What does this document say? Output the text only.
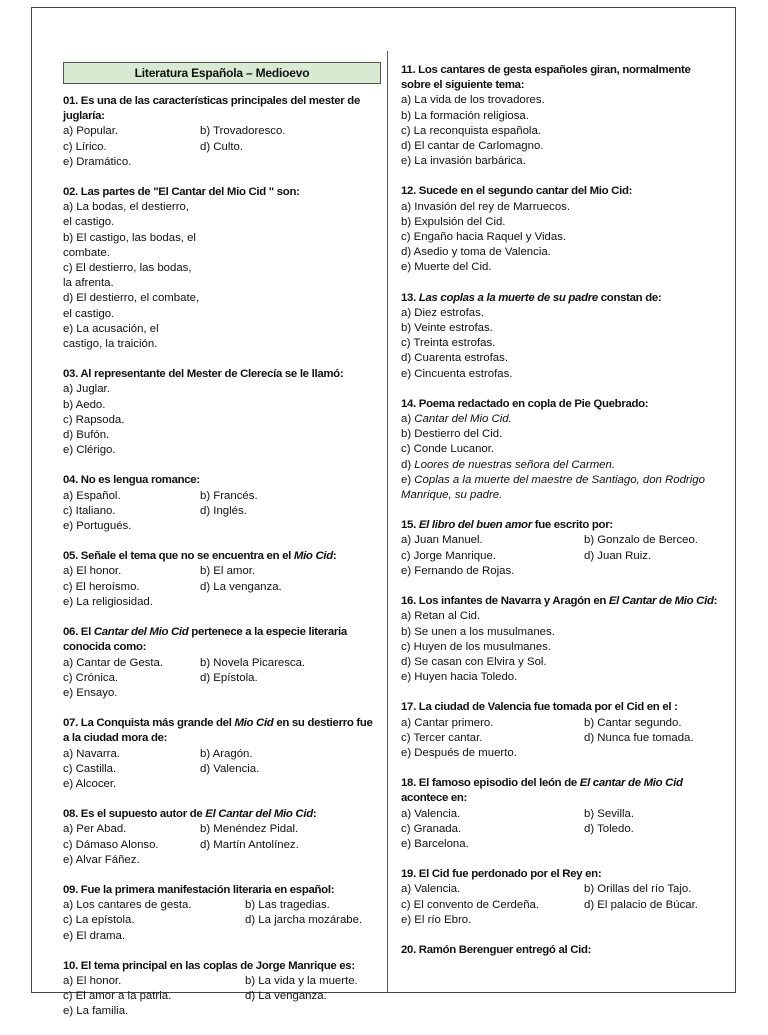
Literatura Española – Medioevo
01. Es una de las características principales del mester de juglaría:
a) Popular.	b) Trovadoresco.
c) Lírico.	d) Culto.
e) Dramático.
02. Las partes de "El Cantar del Mio Cid " son:
a) La bodas, el destierro, el castigo.
b) El castigo, las bodas, el combate.
c) El destierro, las bodas, la afrenta.
d) El destierro, el combate, el castigo.
e) La acusación, el castigo, la traición.
03. Al representante del Mester de Clerecía se le llamó:
a) Juglar.
b) Aedo.
c) Rapsoda.
d) Bufón.
e) Clérigo.
04. No es lengua romance:
a) Español.	b) Francés.
c) Italiano.	d) Inglés.
e) Portugués.
05. Señale el tema que no se encuentra en el Mio Cid:
a) El honor.	b) El amor.
c) El heroísmo.	d) La venganza.
e) La religiosidad.
06. El Cantar del Mio Cid pertenece a la especie literaria conocida como:
a) Cantar de Gesta.	b) Novela Picaresca.
c) Crónica.	d) Epístola.
e) Ensayo.
07. La Conquista más grande del Mio Cid en su destierro fue a la ciudad mora de:
a) Navarra.	b) Aragón.
c) Castilla.	d) Valencia.
e) Alcocer.
08. Es el supuesto autor de El Cantar del Mio Cid:
a) Per Abad.	b) Menéndez Pidal.
c) Dámaso Alonso.	d) Martín Antolínez.
e) Alvar Fáñez.
09. Fue la primera manifestación literaria en español:
a) Los cantares de gesta.	b) Las tragedias.
c) La epístola.	d) La jarcha mozárabe.
e) El drama.
10. El tema principal en las coplas de Jorge Manrique es:
a) El honor.	b) La vida y la muerte.
c) El amor a la patria.	d) La venganza.
e) La familia.
11. Los cantares de gesta españoles giran, normalmente sobre el siguiente tema:
a) La vida de los trovadores.
b) La formación religiosa.
c) La reconquista española.
d) El cantar de Carlomagno.
e) La invasión barbárica.
12. Sucede en el segundo cantar del Mio Cid:
a) Invasión del rey de Marruecos.
b) Expulsión del Cid.
c) Engaño hacia Raquel y Vidas.
d) Asedio y toma de Valencia.
e) Muerte del Cid.
13. Las coplas a la muerte de su padre constan de:
a) Diez estrofas.
b) Veinte estrofas.
c) Treinta estrofas.
d) Cuarenta estrofas.
e) Cincuenta estrofas.
14. Poema redactado en copla de Pie Quebrado:
a) Cantar del Mio Cid.
b) Destierro del Cid.
c) Conde Lucanor.
d) Loores de nuestras señora del Carmen.
e) Coplas a la muerte del maestre de Santiago, don Rodrigo Manrique, su padre.
15. El libro del buen amor fue escrito por:
a) Juan Manuel.	b) Gonzalo de Berceo.
c) Jorge Manrique.	d) Juan Ruiz.
e) Fernando de Rojas.
16. Los infantes de Navarra y Aragón en El Cantar de Mio Cid:
a) Retan al Cid.
b) Se unen a los musulmanes.
c) Huyen de los musulmanes.
d) Se casan con Elvira y Sol.
e) Huyen hacia Toledo.
17. La ciudad de Valencia fue tomada por el Cid en el :
a) Cantar primero.	b) Cantar segundo.
c) Tercer cantar.	d) Nunca fue tomada.
e) Después de muerto.
18. El famoso episodio del león de El cantar de Mio Cid acontece en:
a) Valencia.	b) Sevilla.
c) Granada.	d) Toledo.
e) Barcelona.
19. El Cid fue perdonado por el Rey en:
a) Valencia.	b) Orillas del río Tajo.
c) El convento de Cerdeña.	d) El palacio de Búcar.
e) El río Ebro.
20. Ramón Berenguer entregó al Cid:
